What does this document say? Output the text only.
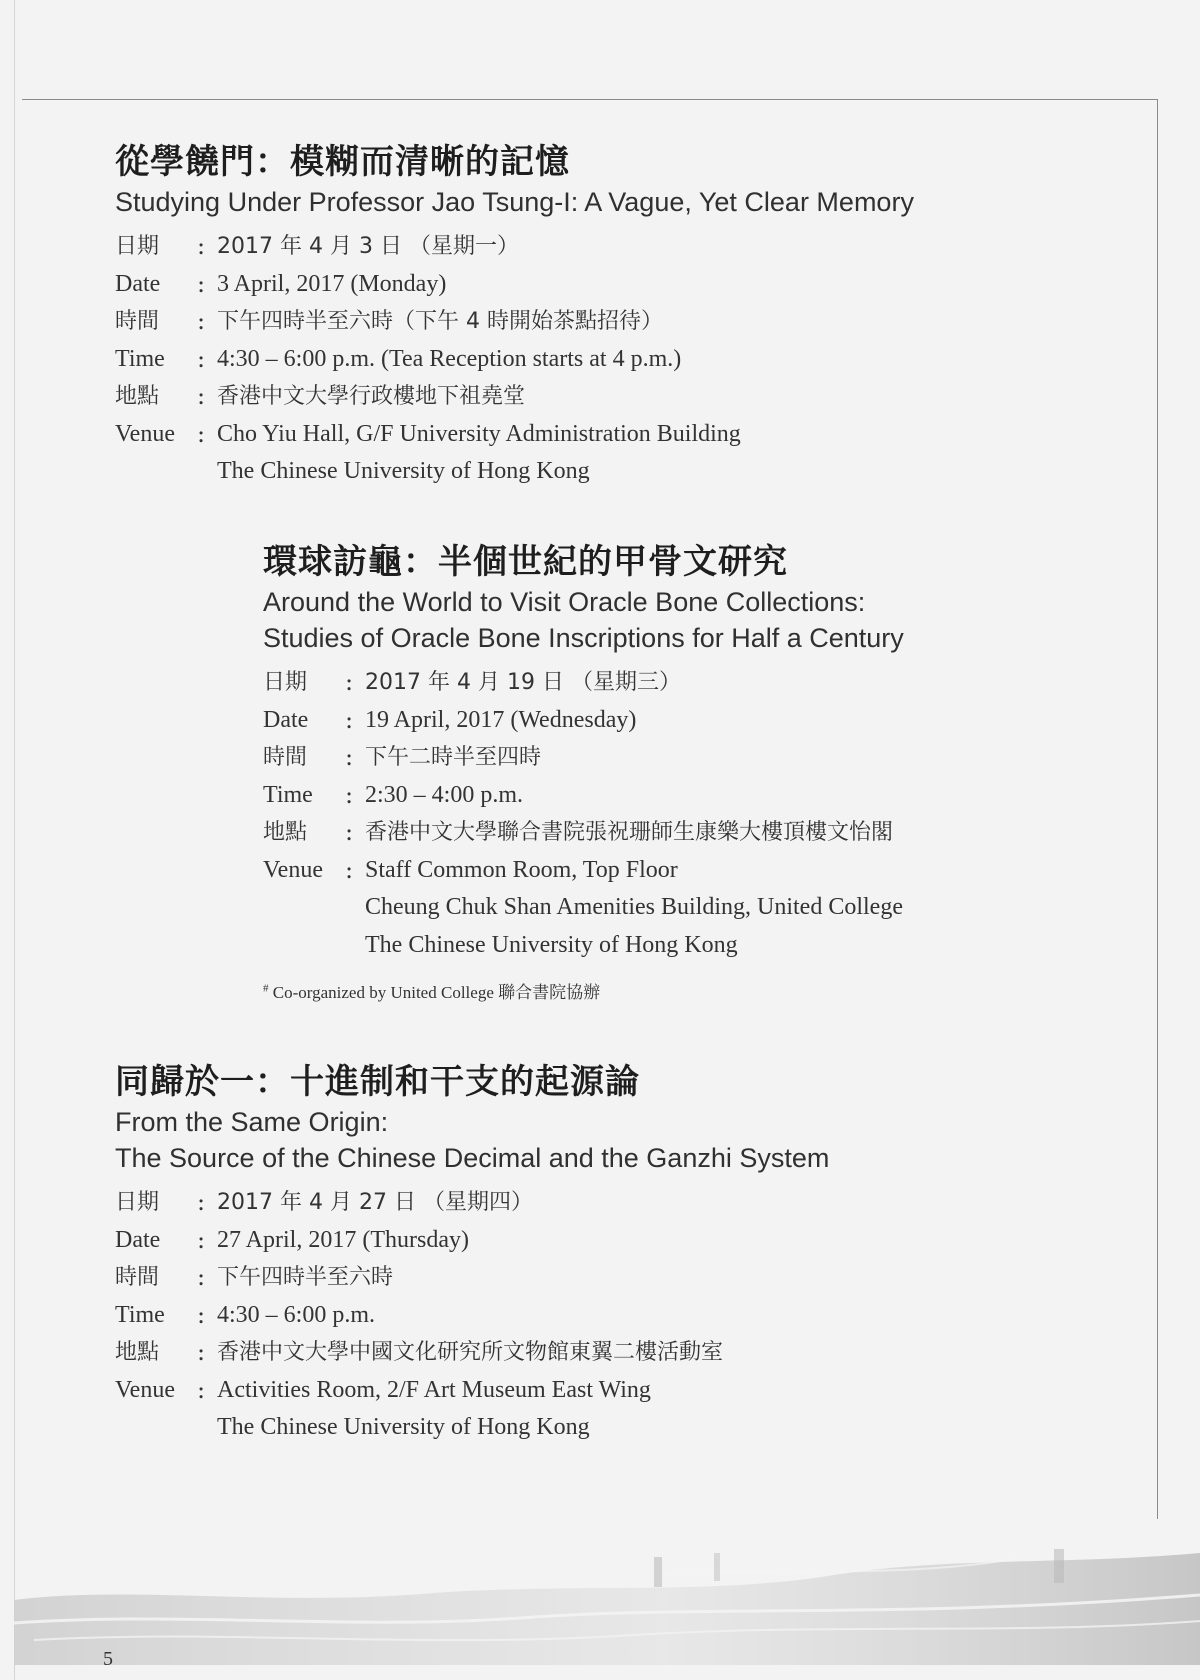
從學饒門：模糊而清晰的記憶
Studying Under Professor Jao Tsung-I: A Vague, Yet Clear Memory
日期	: 2017 年 4 月 3 日 （星期一）
Date	: 3 April, 2017 (Monday)
時間	: 下午四時半至六時（下午 4 時開始茶點招待）
Time	: 4:30 – 6:00 p.m. (Tea Reception starts at 4 p.m.)
地點	: 香港中文大學行政樓地下祖堯堂
Venue : Cho Yiu Hall, G/F University Administration Building
The Chinese University of Hong Kong
環球訪龜：半個世紀的甲骨文研究
Around the World to Visit Oracle Bone Collections:
Studies of Oracle Bone Inscriptions for Half a Century
日期	: 2017 年 4 月 19 日 （星期三）
Date	: 19 April, 2017 (Wednesday)
時間	: 下午二時半至四時
Time	: 2:30 – 4:00 p.m.
地點	: 香港中文大學聯合書院張祝珊師生康樂大樓頂樓文怡閣
Venue : Staff Common Room, Top Floor
Cheung Chuk Shan Amenities Building, United College
The Chinese University of Hong Kong
# Co-organized by United College 聯合書院協辦
同歸於一：十進制和干支的起源論
From the Same Origin:
The Source of the Chinese Decimal and the Ganzhi System
日期	: 2017 年 4 月 27 日 （星期四）
Date	: 27 April, 2017 (Thursday)
時間	: 下午四時半至六時
Time	: 4:30 – 6:00 p.m.
地點	: 香港中文大學中國文化研究所文物館東翼二樓活動室
Venue : Activities Room, 2/F Art Museum East Wing
The Chinese University of Hong Kong
5
